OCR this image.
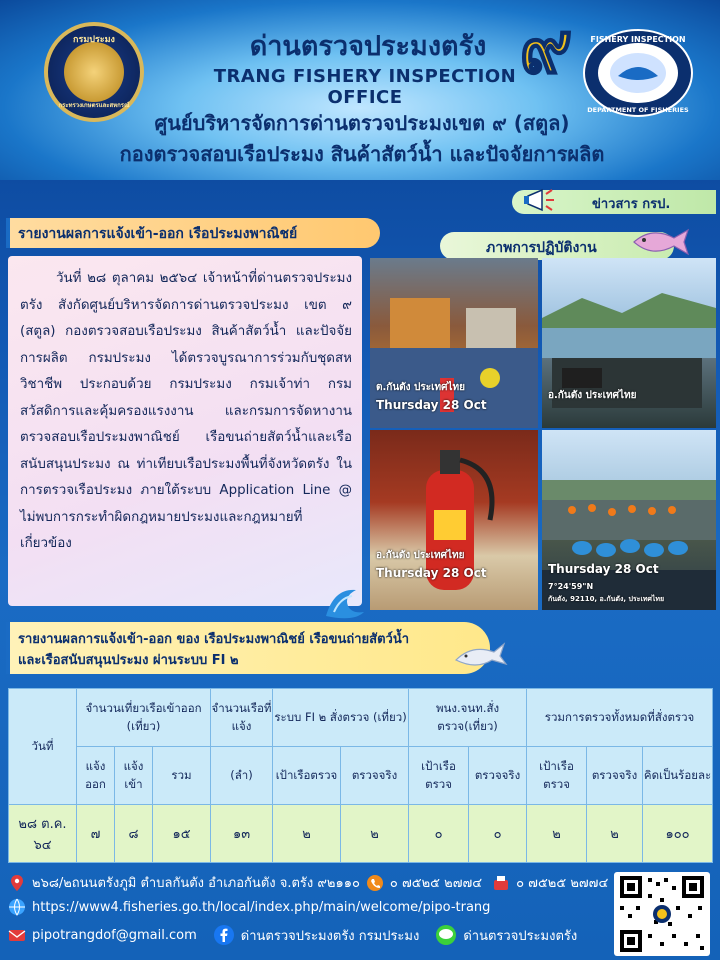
กรมประมง
กระทรวงเกษตรและสหกรณ์
ด่านตรวจประมงตรัง
TRANG FISHERY INSPECTION OFFICE
๙ FISHERY INSPECTION
DEPARTMENT OF FISHERIES
ศูนย์บริหารจัดการด่านตรวจประมงเขต ๙ (สตูล)
กองตรวจสอบเรือประมง สินค้าสัตว์น้ำ และปัจจัยการผลิต
ข่าวสาร กรป.
รายงานผลการแจ้งเข้า-ออก เรือประมงพาณิชย์
ภาพการปฏิบัติงาน

วันที่ ๒๘ ตุลาคม ๒๕๖๔ เจ้าหน้าที่ด่านตรวจประมงตรัง สังกัดศูนย์บริหารจัดการด่านตรวจประมง เขต ๙ (สตูล) กองตรวจสอบเรือประมง สินค้าสัตว์น้ำ และปัจจัยการผลิต กรมประมง ได้ตรวจบูรณาการร่วมกับชุดสหวิชาชีพ ประกอบด้วย กรมประมง กรมเจ้าท่า กรมสวัสดิการและคุ้มครองแรงงาน และกรมการจัดหางาน ตรวจสอบเรือประมงพาณิชย์ เรือขนถ่ายสัตว์น้ำและเรือสนับสนุนประมง ณ ท่าเทียบเรือประมงพื้นที่จังหวัดตรัง ในการตรวจเรือประมง ภายใต้ระบบ Application Line @ ไม่พบการกระทำผิดกฎหมายประมงและกฎหมายที่เกี่ยวข้อง

ต.กันตัง ประเทศไทย
Thursday 28 Oct
อ.กันตัง ประเทศไทย
อ.กันตัง ประเทศไทย
Thursday 28 Oct	Thursday 28 Oct
7°24'59"N
กันตัง, 92110, อ.กันตัง, ประเทศไทย
รายงานผลการแจ้งเข้า-ออก ของ เรือประมงพาณิชย์ เรือขนถ่ายสัตว์น้ำ
และเรือสนับสนุนประมง ผ่านระบบ FI ๒
วันที่	จำนวนเที่ยวเรือเข้าออก (เที่ยว)			จำนวนเรือที่แจ้ง	ระบบ FI ๒ สั่งตรวจ (เที่ยว)		พนง.จนท.สั่งตรวจ(เที่ยว)		รวมการตรวจทั้งหมดที่สั่งตรวจ		
	แจ้งออก	แจ้งเข้า	รวม	(ลำ)	เป้าเรือตรวจ	ตรวจจริง	เป้าเรือตรวจ	ตรวจจริง	เป้าเรือตรวจ	ตรวจจริง	คิดเป็นร้อยละ
๒๘ ต.ค. ๖๔	๗	๘	๑๕	๑๓	๒	๒	๐	๐	๒	๒	๑๐๐
๒๖๘/๒ถนนตรังภูมิ ตำบลกันตัง อำเภอกันตัง จ.ตรัง ๙๒๑๑๐ ๐ ๗๕๒๕ ๒๗๗๔	๐ ๗๕๒๕ ๒๗๗๔
https://www4.fisheries.go.th/local/index.php/main/welcome/pipo-trang
pipotrangdof@gmail.com	ด่านตรวจประมงตรัง กรมประมง	ด่านตรวจประมงตรัง
